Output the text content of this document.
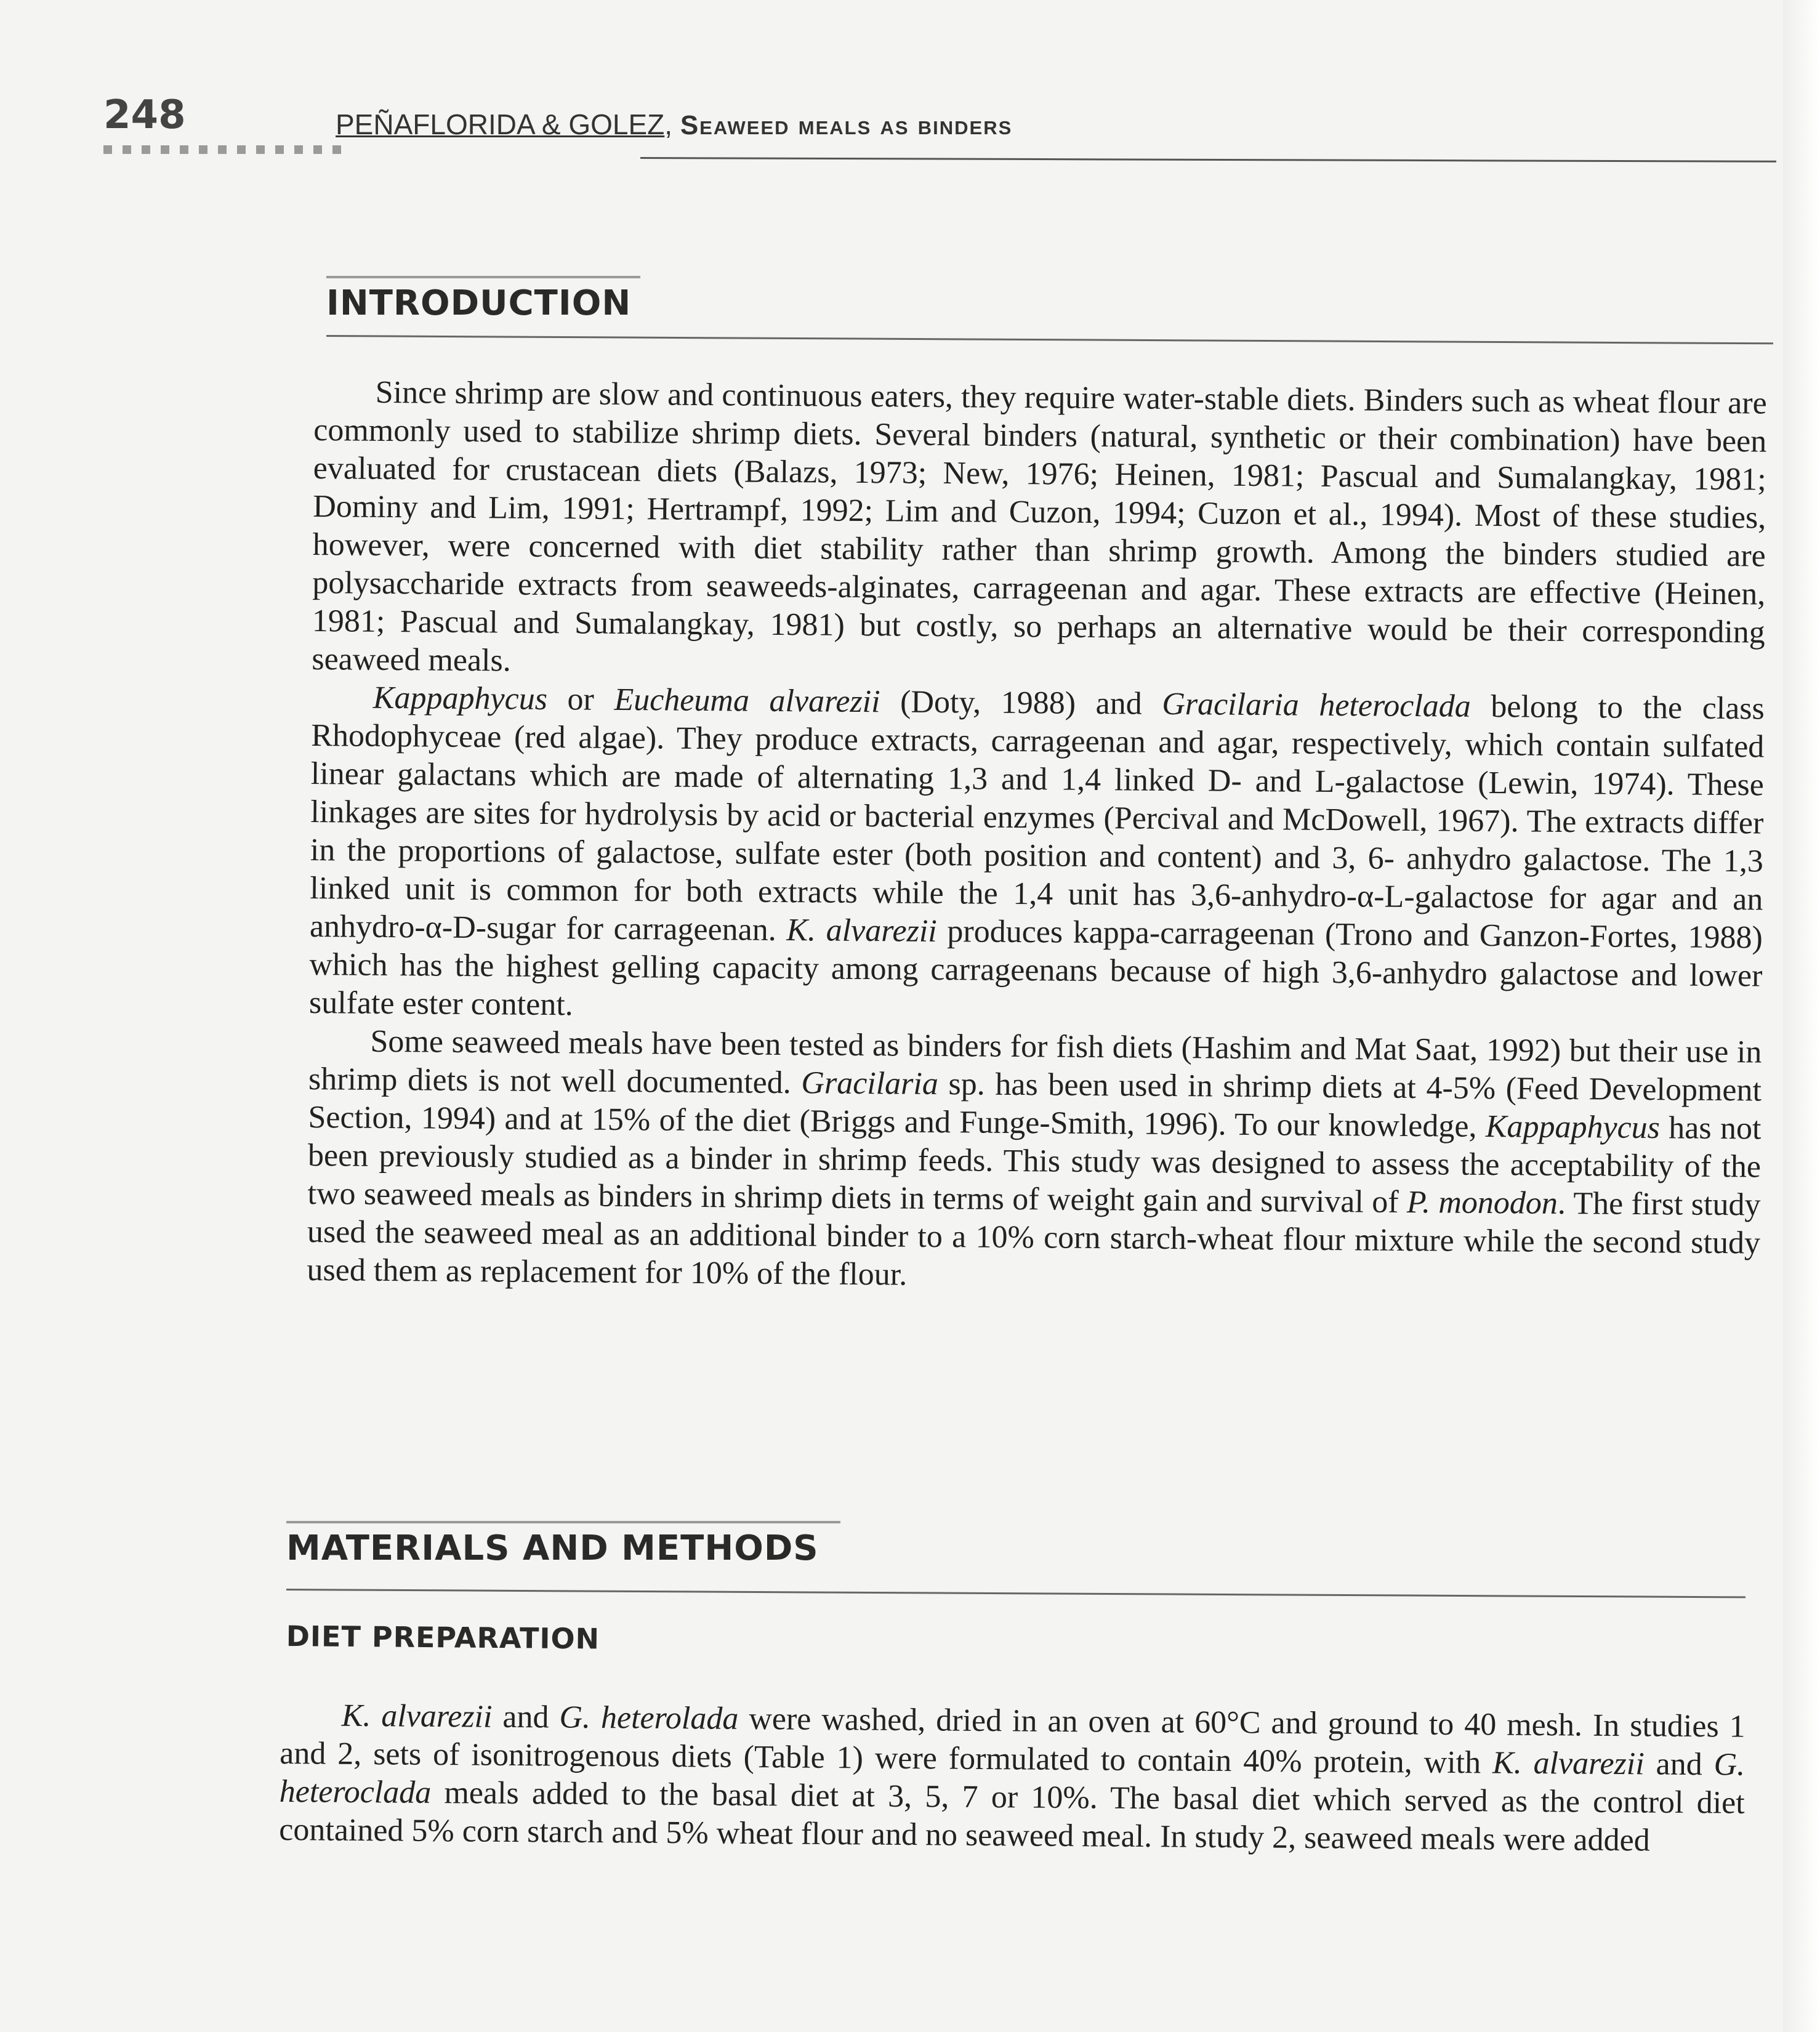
248	PEÑAFLORIDA & GOLEZ, Seaweed meals as binders
INTRODUCTION

Since shrimp are slow and continuous eaters, they require water-stable diets. Binders such as wheat flour are commonly used to stabilize shrimp diets. Several binders (natural, synthetic or their combination) have been evaluated for crustacean diets (Balazs, 1973; New, 1976; Heinen, 1981; Pascual and Sumalangkay, 1981; Dominy and Lim, 1991; Hertrampf, 1992; Lim and Cuzon, 1994; Cuzon et al., 1994). Most of these studies, however, were concerned with diet stability rather than shrimp growth. Among the binders studied are polysaccharide extracts from seaweeds-alginates, carrageenan and agar. These extracts are effective (Heinen, 1981; Pascual and Sumalangkay, 1981) but costly, so perhaps an alternative would be their corresponding seaweed meals.

Kappaphycus or Eucheuma alvarezii (Doty, 1988) and Gracilaria heteroclada belong to the class Rhodophyceae (red algae). They produce extracts, carrageenan and agar, respectively, which contain sulfated linear galactans which are made of alternating 1,3 and 1,4 linked D- and L-galactose (Lewin, 1974). These linkages are sites for hydrolysis by acid or bacterial enzymes (Percival and McDowell, 1967). The extracts differ in the proportions of galactose, sulfate ester (both position and content) and 3, 6- anhydro galactose. The 1,3 linked unit is common for both extracts while the 1,4 unit has 3,6-anhydro-α-L-galactose for agar and an anhydro-α-D-sugar for carrageenan. K. alvarezii produces kappa-carrageenan (Trono and Ganzon-Fortes, 1988) which has the highest gelling capacity among carrageenans because of high 3,6-anhydro galactose and lower sulfate ester content.

Some seaweed meals have been tested as binders for fish diets (Hashim and Mat Saat, 1992) but their use in shrimp diets is not well documented. Gracilaria sp. has been used in shrimp diets at 4-5% (Feed Development Section, 1994) and at 15% of the diet (Briggs and Funge-Smith, 1996). To our knowledge, Kappaphycus has not been previously studied as a binder in shrimp feeds. This study was designed to assess the acceptability of the two seaweed meals as binders in shrimp diets in terms of weight gain and survival of P. monodon. The first study used the seaweed meal as an additional binder to a 10% corn starch-wheat flour mixture while the second study used them as replacement for 10% of the flour.

MATERIALS AND METHODS
DIET PREPARATION

K. alvarezii and G. heterolada were washed, dried in an oven at 60°C and ground to 40 mesh. In studies 1 and 2, sets of isonitrogenous diets (Table 1) were formulated to contain 40% protein, with K. alvarezii and G. heteroclada meals added to the basal diet at 3, 5, 7 or 10%. The basal diet which served as the control diet contained 5% corn starch and 5% wheat flour and no seaweed meal. In study 2, seaweed meals were added
